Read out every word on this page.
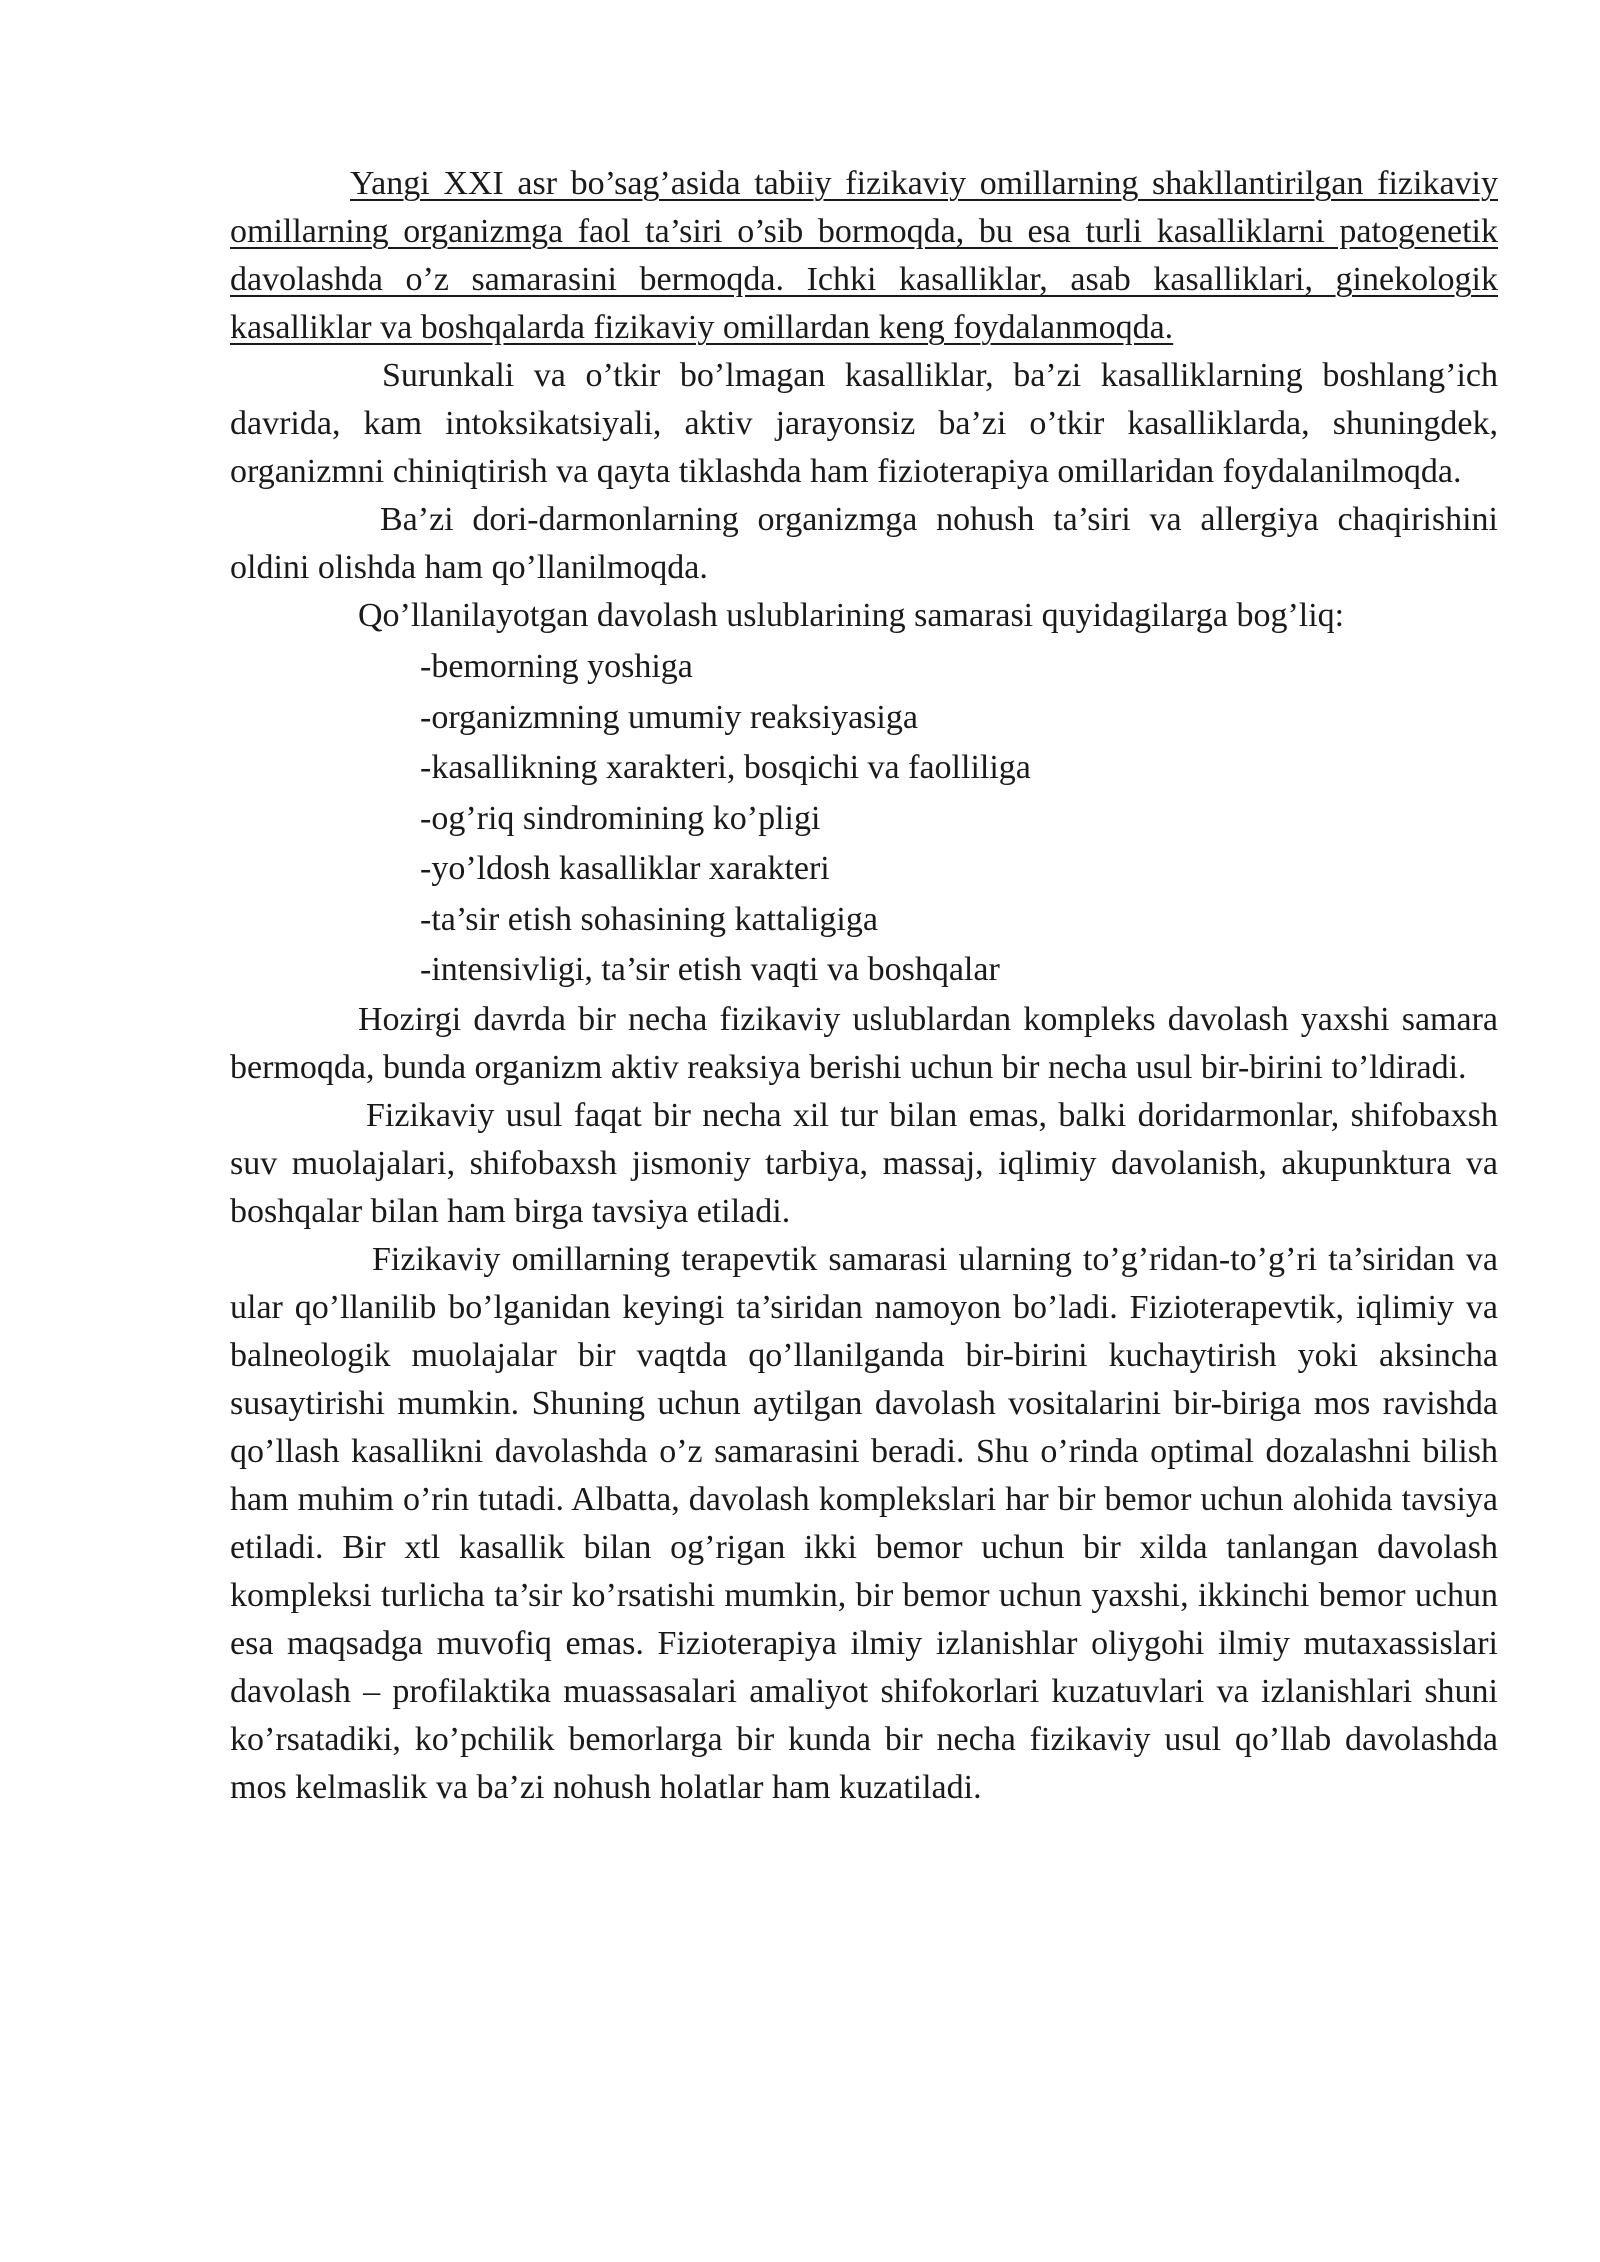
Yangi XXI asr bo’sag’asida tabiiy fizikaviy omillarning shakllantirilgan fizikaviy omillarning organizmga faol ta’siri o’sib bormoqda, bu esa turli kasalliklarni patogenetik davolashda o’z samarasini bermoqda. Ichki kasalliklar, asab kasalliklari, ginekologik kasalliklar va boshqalarda fizikaviy omillardan keng foydalanmoqda.

Surunkali va o’tkir bo’lmagan kasalliklar, ba’zi kasalliklarning boshlang’ich davrida, kam intoksikatsiyali, aktiv jarayonsiz ba’zi o’tkir kasalliklarda, shuningdek, organizmni chiniqtirish va qayta tiklashda ham fizioterapiya omillaridan foydalanilmoqda.

Ba’zi dori-darmonlarning organizmga nohush ta’siri va allergiya chaqirishini oldini olishda ham qo’llanilmoqda.

Qo’llanilayotgan davolash uslublarining samarasi quyidagilarga bog’liq:

-bemorning yoshiga
-organizmning umumiy reaksiyasiga
-kasallikning xarakteri, bosqichi va faolliliga
-og’riq sindromining ko’pligi
-yo’ldosh kasalliklar xarakteri
-ta’sir etish sohasining kattaligiga
-intensivligi, ta’sir etish vaqti va boshqalar

Hozirgi davrda bir necha fizikaviy uslublardan kompleks davolash yaxshi samara bermoqda, bunda organizm aktiv reaksiya berishi uchun bir necha usul bir-birini to’ldiradi.

Fizikaviy usul faqat bir necha xil tur bilan emas, balki doridarmonlar, shifobaxsh suv muolajalari, shifobaxsh jismoniy tarbiya, massaj, iqlimiy davolanish, akupunktura va boshqalar bilan ham birga tavsiya etiladi.

Fizikaviy omillarning terapevtik samarasi ularning to’g’ridan-to’g’ri ta’siridan va ular qo’llanilib bo’lganidan keyingi ta’siridan namoyon bo’ladi. Fizioterapevtik, iqlimiy va balneologik muolajalar bir vaqtda qo’llanilganda bir-birini kuchaytirish yoki aksincha susaytirishi mumkin. Shuning uchun aytilgan davolash vositalarini bir-biriga mos ravishda qo’llash kasallikni davolashda o’z samarasini beradi. Shu o’rinda optimal dozalashni bilish ham muhim o’rin tutadi. Albatta, davolash komplekslari har bir bemor uchun alohida tavsiya etiladi. Bir xtl kasallik bilan og’rigan ikki bemor uchun bir xilda tanlangan davolash kompleksi turlicha ta’sir ko’rsatishi mumkin, bir bemor uchun yaxshi, ikkinchi bemor uchun esa maqsadga muvofiq emas. Fizioterapiya ilmiy izlanishlar oliygohi ilmiy mutaxassislari davolash – profilaktika muassasalari amaliyot shifokorlari kuzatuvlari va izlanishlari shuni ko’rsatadiki, ko’pchilik bemorlarga bir kunda bir necha fizikaviy usul qo’llab davolashda mos kelmaslik va ba’zi nohush holatlar ham kuzatiladi.
